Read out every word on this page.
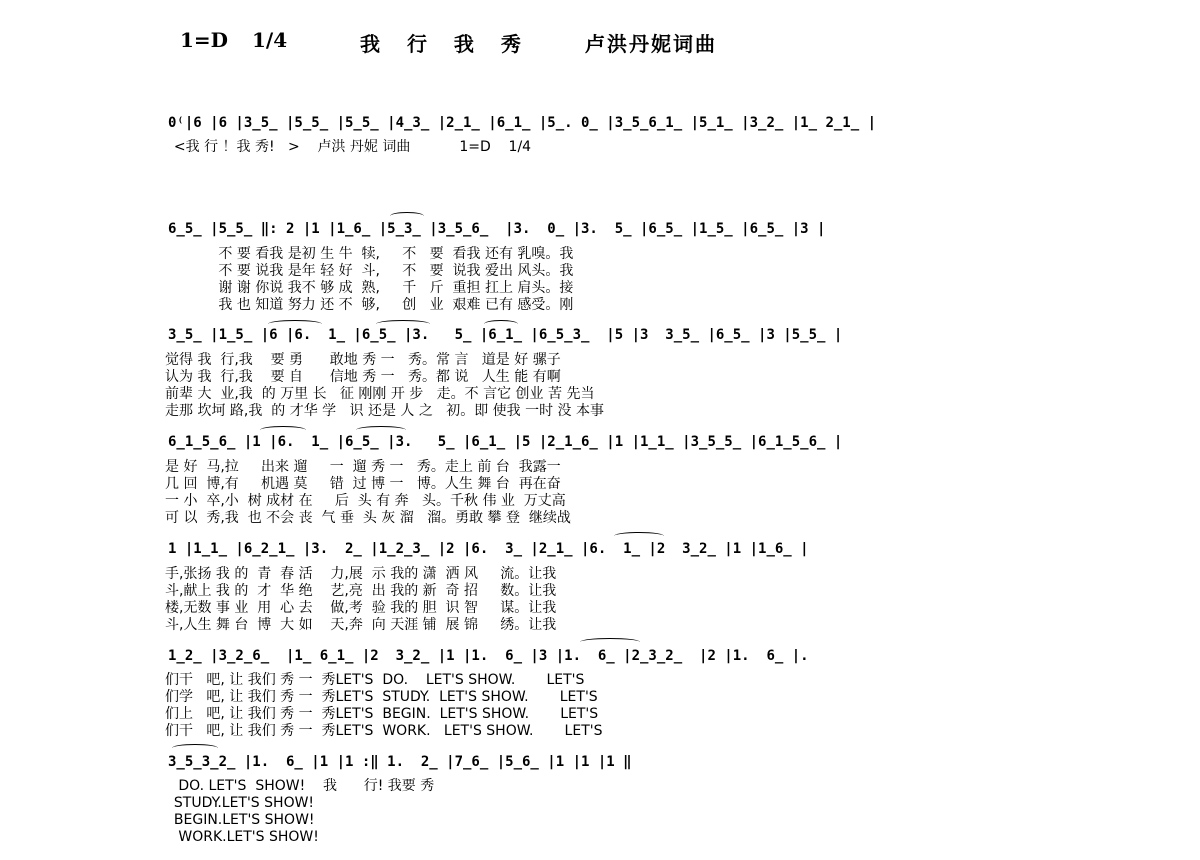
1=D 1/4	我 行 我 秀	卢洪丹妮词曲
0⁽|6 |6 |3̲5̲ |5̲5̲ |5̲5̲ |4̲3̲ |2̲1̲ |6̲1̲ |5̲. 0̲ |3̲5̲6̲1̲ |5̲1̲ |3̲2̲ |1̲ 2̲1̲ |
<我 行 ！我 秀!   >    卢洪 丹妮 词曲           1=D    1/4
6̲5̲ |5̲5̲ ‖: 2 |1 |1̲6̲ |5̲3̲ |3̲5̲6̲  |3.  0̲ |3.  5̲ |6̲5̲ |1̲5̲ |6̲5̲ |3 |
不 要 看我 是初 生 牛  犊,     不   要  看我 还有 乳嗅。我
不 要 说我 是年 轻 好  斗,     不   要  说我 爱出 风头。我
谢 谢 你说 我不 够 成  熟,     千   斤  重担 扛上 肩头。接
我 也 知道 努力 还 不  够,     创   业  艰难 已有 感受。刚
3̲5̲ |1̲5̲ |6 |6.  1̲ |6̲5̲ |3.   5̲ |6̲1̲ |6̲5̲3̲  |5 |3  3̲5̲ |6̲5̲ |3 |5̲5̲ |
觉得 我  行,我    要 勇      敢地 秀 一   秀。常 言   道是 好 骡子
认为 我  行,我    要 自      信地 秀 一   秀。都 说   人生 能 有啊
前辈 大  业,我  的 万里 长   征 刚刚 开 步   走。不 言它 创业 苦 先当
走那 坎坷 路,我  的 才华 学   识 还是 人 之   初。即 使我 一时 没 本事
6̲1̲5̲6̲ |1 |6.  1̲ |6̲5̲ |3.   5̲ |6̲1̲ |5 |2̲1̲6̲ |1 |1̲1̲ |3̲5̲5̲ |6̲1̲5̲6̲ |
是 好  马,拉     出来 遛     一  遛 秀 一   秀。走上 前 台  我露一
几 回  博,有     机遇 莫     错  过 博 一   博。人生 舞 台  再在奋
一 小  卒,小  树 成材 在     后  头 有 奔   头。千秋 伟 业  万丈高
可 以  秀,我  也 不会 丧  气 垂  头 灰 溜   溜。勇敢 攀 登  继续战
1 |1̲1̲ |6̲2̲1̲ |3.  2̲ |1̲2̲3̲ |2 |6.  3̲ |2̲1̲ |6.  1̲ |2  3̲2̲ |1 |1̲6̲ |
手,张扬 我 的  青  春 活    力,展  示 我的 潇  洒 风     流。让我
斗,献上 我 的  才  华 绝    艺,亮  出 我的 新  奇 招     数。让我
楼,无数 事 业  用  心 去    做,考  验 我的 胆  识 智     谋。让我
斗,人生 舞 台  博  大 如    天,奔  向 天涯 铺  展 锦     绣。让我
1̲2̲ |3̲2̲6̲  |1̲ 6̲1̲ |2  3̲2̲ |1 |1.  6̲ |3 |1.  6̲ |2̲3̲2̲  |2 |1.  6̲ |.
们干   吧, 让 我们 秀 一  秀LET'S  DO.    LET'S SHOW.       LET'S
们学   吧, 让 我们 秀 一  秀LET'S  STUDY.  LET'S SHOW.       LET'S
们上   吧, 让 我们 秀 一  秀LET'S  BEGIN.  LET'S SHOW.       LET'S
们干   吧, 让 我们 秀 一  秀LET'S  WORK.   LET'S SHOW.       LET'S
3̲5̲3̲2̲ |1.  6̲ |1 |1 :‖ 1.  2̲ |7̲6̲ |5̲6̲ |1 |1 |1 ‖
DO. LET'S  SHOW!    我      行! 我要 秀
STUDY.LET'S SHOW!
BEGIN.LET'S SHOW!
WORK.LET'S SHOW!
